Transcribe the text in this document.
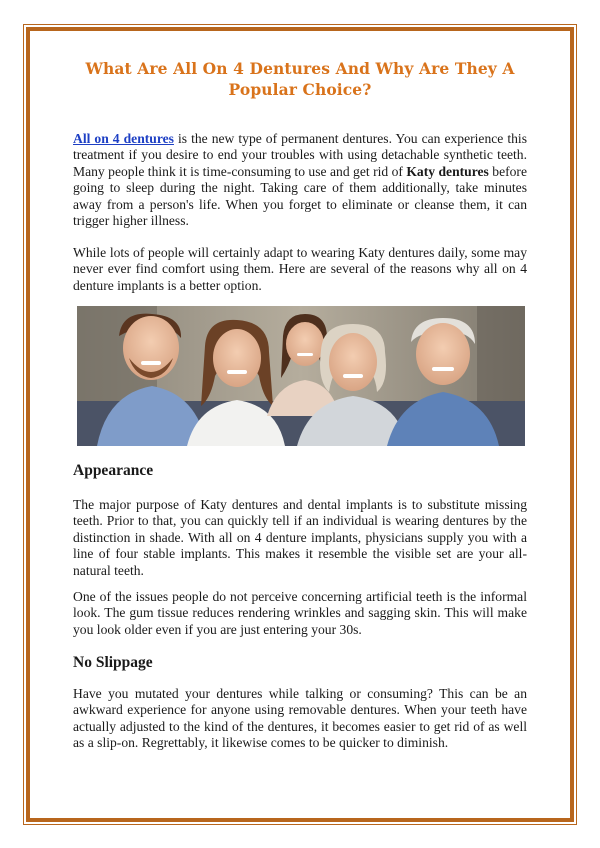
What Are All On 4 Dentures And Why Are They A Popular Choice?

All on 4 dentures is the new type of permanent dentures. You can experience this treatment if you desire to end your troubles with using detachable synthetic teeth. Many people think it is time-consuming to use and get rid of Katy dentures before going to sleep during the night. Taking care of them additionally, take minutes away from a person's life. When you forget to eliminate or cleanse them, it can trigger higher illness.

While lots of people will certainly adapt to wearing Katy dentures daily, some may never ever find comfort using them. Here are several of the reasons why all on 4 denture implants is a better option.

Appearance

The major purpose of Katy dentures and dental implants is to substitute missing teeth. Prior to that, you can quickly tell if an individual is wearing dentures by the distinction in shade. With all on 4 denture implants, physicians supply you with a line of four stable implants. This makes it resemble the visible set are your all-natural teeth.

One of the issues people do not perceive concerning artificial teeth is the informal look. The gum tissue reduces rendering wrinkles and sagging skin. This will make you look older even if you are just entering your 30s.

No Slippage

Have you mutated your dentures while talking or consuming? This can be an awkward experience for anyone using removable dentures. When your teeth have actually adjusted to the kind of the dentures, it becomes easier to get rid of as well as a slip-on. Regrettably, it likewise comes to be quicker to diminish.
